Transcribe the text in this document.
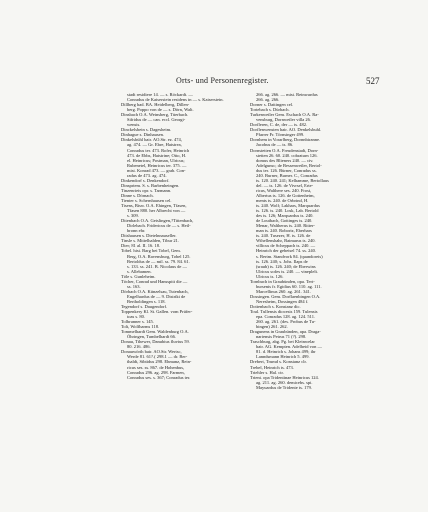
Orts- und Personenregister.	527
stadt residiere 14. — s. Röckardt. —
Conradus de Kaiserstein residens in — s. Kaiserstein.
Dillberg bad. BA. Heidelberg, Dillen-
berg. Poppo von de — s. Dörn, Walt.
Dinsbach O.A. Weinsberg, Tüerbach.
Sifridus de — can. eccl. Georgi-
wensis.
Dinckelsbein s. Dagesheim.
Dinhague s. Dinhausen.
Dinkelsbühl bair. AO.Str. ez. 474,
ag. 474. — Gr. Ebre, Haistrea,
Conradus ter. 473. Rofer, Heinrich
473. de Ebbs, Haistrine; Otto, H.
el. Heinricus; Postman, Ulricus;
Rubenetel, Heinricus ter. 375. —
mist. Konrad 473. — grab. Con-
radus de 473. ag. 474.
Dinkendorf s. Denkendorf.
Dinspriem. S. s. Barbenheingen.
Tinzenrieis opr. s. Tarmann.
Dinne s. Dörnach.
Tienter s. Schernhausen cel.
Tisens, Bisw. O.A. Ehingen, Tfasen,
Tfasen 880. her Albrecht von —
s. 309.
Ditenbach O.A. Geislingen,?Tittenbach,
Dirlebach. Fridericus de — s. Heil-
bronn ehr.
Ditshausen s. Dietelnnauseller.
Tinsle s. Mittelhalden, Tibur 21.
Dier; 81 al. II. 16. 18.
Tobel. hist. Barg bei Tobel, Gem.
Berg, O.A. Ravensburg, Tobel 125.
Bertoldus de — mil. ss. 79. 84. 61.
s. 133. ss. 241. B. Nicolaus de —
s. Allebamen.
Töle s. Gunleheim.
Töcher, Conrad und Hansspitt die —
ss. 163.
Dörbach O.A. Künzelsau, Tutenbach,
Engelhardus de — 9. Distrikt de
Bertholdingen s. 118.
Tegendorf s. Daugendorf.
Toppenkery Kl. St. Gallen. vom Prüfer-
toas s. 80.
Tolbrunner s. 145.
Tolt, Wolfharms 118.
Tommelhardt Gem. Waldenburg O.A.
Öhringen, Tumbelhardt 66.
Donau, Tthewer, Danubius fluvius 59.
80. 216. 486.
Donauwörth bair. AO.Str. Wertsc,
Werde 81. 61?.( 298.1 — dr. Ber-
thaldt, Sibtidus 298. Ehmanz, Rein-
ricus ses. ss. 867. de Hohenbus,
Conradus 296. ag. 298. Farmen,
Conradus ses. s. 367; Conradus ter.
266. ag. 266. — mist. Reinwardus
266. ag. 266.
Dorner s. Dattingen cel.
Tortebach s. Dürbach.
Turkenweiler Gem. Eschach O.A. Ra-
vensburg, Dornweiler villa 26.
Dorfleren, C. de, der — ts. 482.
Dorflenwensten hair. AO. Denkelsbuhl.
Pfarrer Fr. Törnsinger 499.
Dornhem in Vorarlberg, Dornnbiranne.
Jacobus de — ts. 86.
Dornstetten O.A. Freudenstadt, Dorn-
stetten 26. 60. 240. cobraturn 126.
domus des Blieners 240. — civ.
Adelgunsc; de Bessenweiler, Bertol-
dus ter. 126. Bürner, Conradus ss.
240. Burner, Burner. C., Conradus
ts. 120. 240. 241; Kelhamme, Bertollaus
del. — ts. 126. de Vivrsel, Erte-
ricus, Walthere ses. 240. Frost,
Albertus ts. 126. de Gottenheim,
ments ts. 240. de Orbrind, H.
ts. 240. Wolf; Lakhars, Marquardus
ts. 126. ts. 240. Losk, Lab. Bertold
des ts. 126; Marquardus ts. 240.
de Loutbach, Gottinges ts. 240.
Menar, Waltherus ts. 240. Ritter-
man ts. 240. Roboriz, Eberhars
ts. 240. Tusezer, H. ts. 126. de
Wihellenshahr, Baimarus ts. 240.
villicus de Scheppach ts. 240. —
Heinrich der gebeisel 74. ss. 240.
s. Bertm. Standvork 84. (quandoreis)
ts. 126. 240; s. Johs. Ilaps de
(sraub) ts. 126. 240; de Eberwins
Ulricus scdes ts. 240. — vineplelt.
Ulricus ts. 126.
Tornbuch in Graubünden, opa. Tert-
bursenis fr. Egidius 60. 110. ag. 111.
Marcellinus 260. ag. 261. 341.
Dossingen. Gem. Dorflaenbingen O.A.
Neresheim, Dossingen 484 f.
Dottenbach s. Konstanz dic.
Toul. Tullensis diocesis 159. Tulensis
epa. Conradus 128. ag. 124. 511.
260. ag. 261. (des. Probus de Tu-
bingen) 261. 262.
Dragunens in Graubünden, apa. Draga-
nariensis Petrus 71 (?). 298.
Traschburg, abg. Pg. bei Kleinwelar
bair. AG. Kempten. Adelheid von —
81. d. Heinrich s. Johans 499; ihr
Lanndsmann Heinrich 5. 499.
Drebert, Trumd s. Konstanz clr.
Trebel, Heinrich ts. 473.
Triehler s. Hal. ctr.
Trient. opa Tridentinae Heinricus 124.
ag. 211. ag. 260. demicebs. spi.
Mayuardus de Tridente ts. 179.
